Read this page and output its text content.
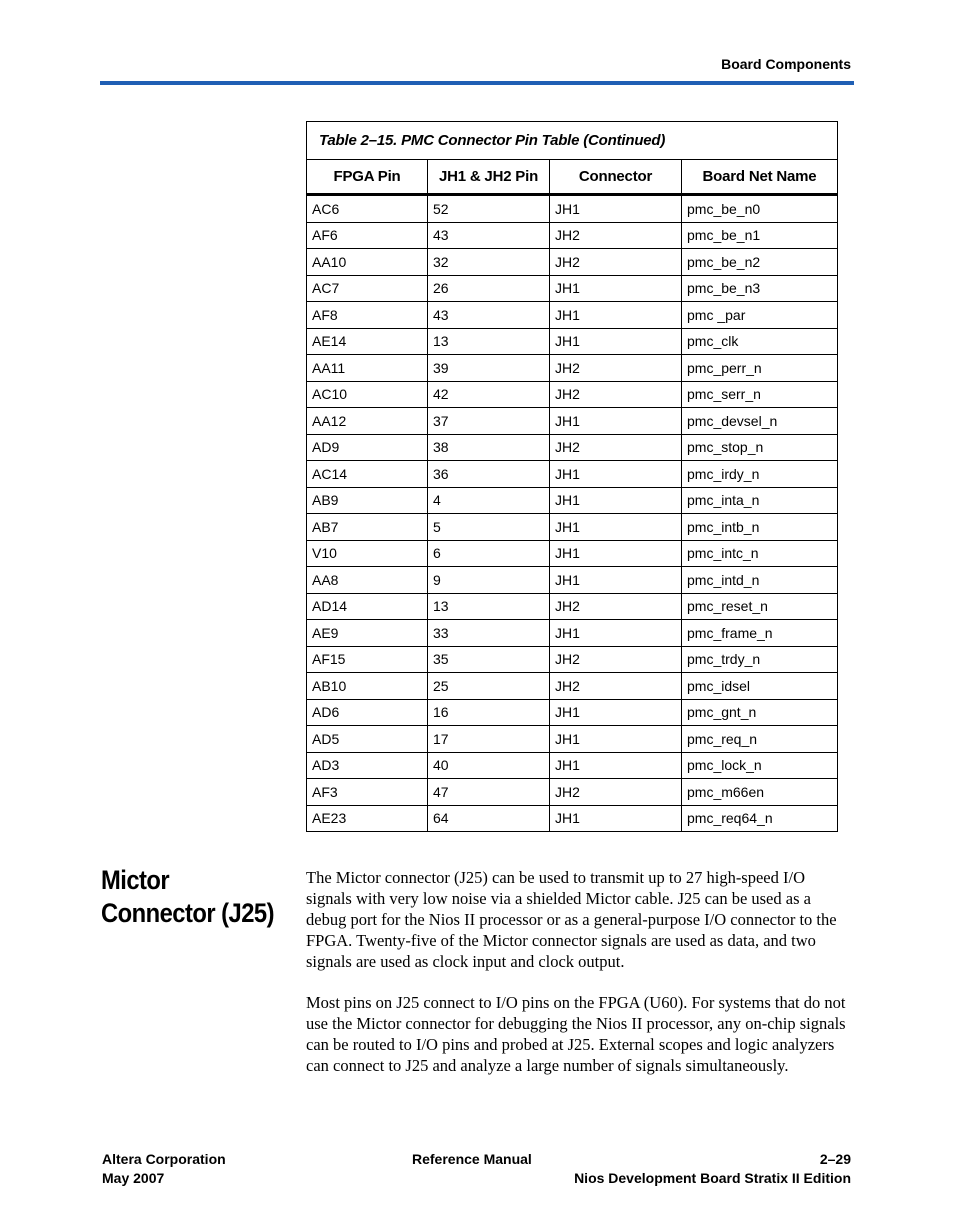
Board Components
Table 2–15. PMC Connector Pin Table (Continued)			
FPGA Pin	JH1 & JH2 Pin	Connector	Board Net Name
AC6	52	JH1	pmc_be_n0
AF6	43	JH2	pmc_be_n1
AA10	32	JH2	pmc_be_n2
AC7	26	JH1	pmc_be_n3
AF8	43	JH1	pmc _par
AE14	13	JH1	pmc_clk
AA11	39	JH2	pmc_perr_n
AC10	42	JH2	pmc_serr_n
AA12	37	JH1	pmc_devsel_n
AD9	38	JH2	pmc_stop_n
AC14	36	JH1	pmc_irdy_n
AB9	4	JH1	pmc_inta_n
AB7	5	JH1	pmc_intb_n
V10	6	JH1	pmc_intc_n
AA8	9	JH1	pmc_intd_n
AD14	13	JH2	pmc_reset_n
AE9	33	JH1	pmc_frame_n
AF15	35	JH2	pmc_trdy_n
AB10	25	JH2	pmc_idsel
AD6	16	JH1	pmc_gnt_n
AD5	17	JH1	pmc_req_n
AD3	40	JH1	pmc_lock_n
AF3	47	JH2	pmc_m66en
AE23	64	JH1	pmc_req64_n
Mictor
Connector (J25)

The Mictor connector (J25) can be used to transmit up to 27 high-speed I/O signals with very low noise via a shielded Mictor cable. J25 can be used as a debug port for the Nios II processor or as a general-purpose I/O connector to the FPGA. Twenty-five of the Mictor connector signals are used as data, and two signals are used as clock input and clock output.

Most pins on J25 connect to I/O pins on the FPGA (U60). For systems that do not use the Mictor connector for debugging the Nios II processor, any on-chip signals can be routed to I/O pins and probed at J25. External scopes and logic analyzers can connect to J25 and analyze a large number of signals simultaneously.

Altera Corporation
May 2007
Reference Manual	2–29
Nios Development Board Stratix II Edition
